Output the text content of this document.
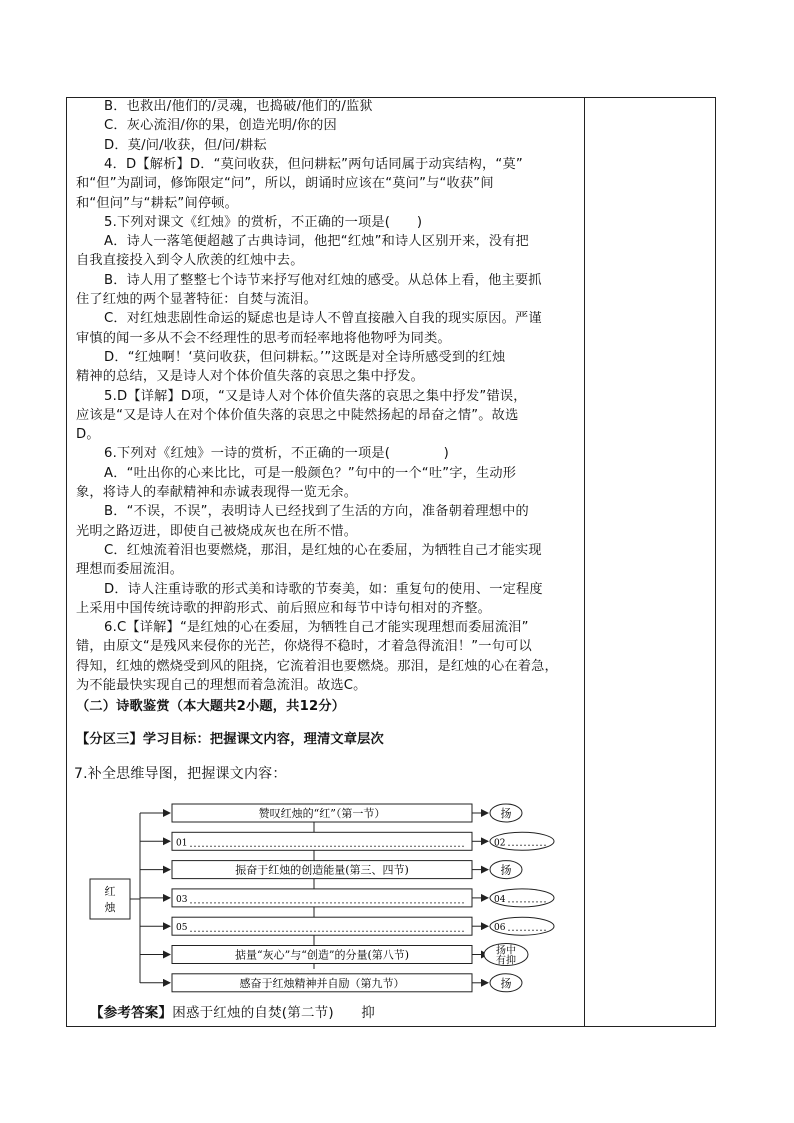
B．也救出/他们的/灵魂，也捣破/他们的/监狱
C．灰心流泪/你的果，创造光明/你的因
D．莫/问/收获，但/问/耕耘
4．D【解析】D．“莫问收获，但问耕耘”两句话同属于动宾结构，“莫”
和“但”为副词，修饰限定“问”，所以，朗诵时应该在“莫问”与“收获”间
和“但问”与“耕耘”间停顿。
5.下列对课文《红烛》的赏析，不正确的一项是(　　)
A．诗人一落笔便超越了古典诗词，他把“红烛”和诗人区别开来，没有把
自我直接投入到令人欣羡的红烛中去。
B．诗人用了整整七个诗节来抒写他对红烛的感受。从总体上看，他主要抓
住了红烛的两个显著特征：自焚与流泪。
C．对红烛悲剧性命运的疑虑也是诗人不曾直接融入自我的现实原因。严谨
审慎的闻一多从不会不经理性的思考而轻率地将他物呼为同类。
D．“红烛啊！‘莫问收获，但问耕耘。’”这既是对全诗所感受到的红烛
精神的总结，又是诗人对个体价值失落的哀思之集中抒发。
5.D【详解】D项，“又是诗人对个体价值失落的哀思之集中抒发”错误，
应该是“又是诗人在对个体价值失落的哀思之中陡然扬起的昂奋之情”。故选
D。
6.下列对《红烛》一诗的赏析，不正确的一项是(　　　　)
A．“吐出你的心来比比，可是一般颜色？”句中的一个“吐”字，生动形
象，将诗人的奉献精神和赤诚表现得一览无余。
B．“不误，不误”，表明诗人已经找到了生活的方向，准备朝着理想中的
光明之路迈进，即使自己被烧成灰也在所不惜。
C．红烛流着泪也要燃烧，那泪，是红烛的心在委屈，为牺牲自己才能实现
理想而委屈流泪。
D．诗人注重诗歌的形式美和诗歌的节奏美，如：重复句的使用、一定程度
上采用中国传统诗歌的押韵形式、前后照应和每节中诗句相对的齐整。
6.C【详解】“是红烛的心在委屈，为牺牲自己才能实现理想而委屈流泪”
错，由原文“是残风来侵你的光芒，你烧得不稳时，才着急得流泪！”一句可以
得知，红烛的燃烧受到风的阻挠，它流着泪也要燃烧。那泪，是红烛的心在着急，
为不能最快实现自己的理想而着急流泪。故选C。
（二）诗歌鉴赏（本大题共2小题，共12分）
【分区三】学习目标：把握课文内容，理清文章层次
7.补全思维导图，把握课文内容：
红
烛
赞叹红烛的“红”（第一节）	扬
01	02
振奋于红烛的创造能量(第三、四节)	扬
03	04
05	06
掂量“灰心”与“创造”的分量(第八节)	扬中
有抑
感奋于红烛精神并自励（第九节）	扬
【参考答案】困惑于红烛的自焚(第二节)　　抑
